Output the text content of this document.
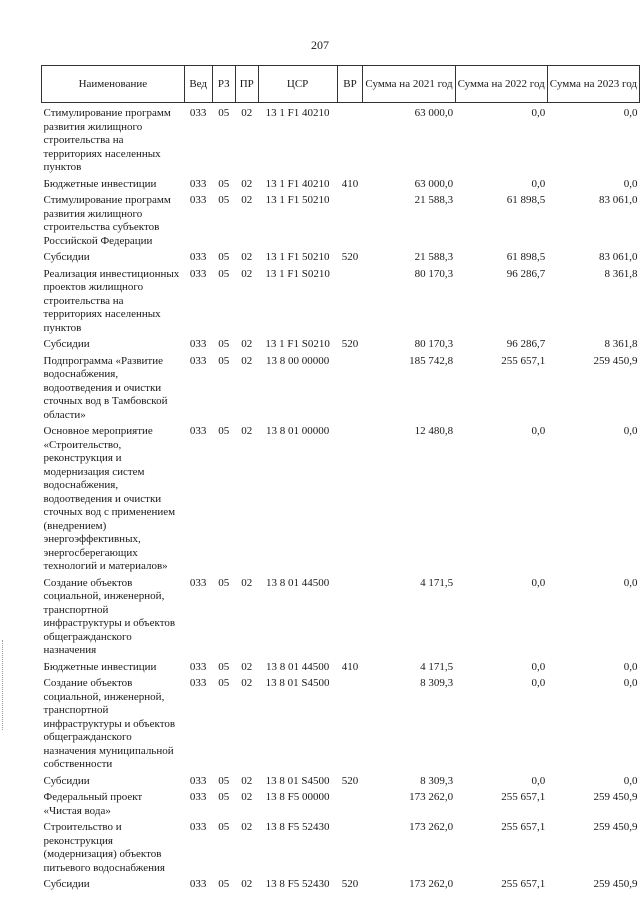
207
Наименование	Вед	РЗ	ПР	ЦСР	ВР	Сумма на 2021 год	Сумма на 2022 год	Сумма на 2023 год
Стимулирование программ развития жилищного строительства на территориях населенных пунктов	033	05	02	13 1 F1 40210		63 000,0	0,0	0,0
Бюджетные инвестиции	033	05	02	13 1 F1 40210	410	63 000,0	0,0	0,0
Стимулирование программ развития жилищного строительства субъектов Российской Федерации	033	05	02	13 1 F1 50210		21 588,3	61 898,5	83 061,0
Субсидии	033	05	02	13 1 F1 50210	520	21 588,3	61 898,5	83 061,0
Реализация инвестиционных проектов жилищного строительства на территориях населенных пунктов	033	05	02	13 1 F1 S0210		80 170,3	96 286,7	8 361,8
Субсидии	033	05	02	13 1 F1 S0210	520	80 170,3	96 286,7	8 361,8
Подпрограмма «Развитие водоснабжения, водоотведения и очистки сточных вод в Тамбовской области»	033	05	02	13 8 00 00000		185 742,8	255 657,1	259 450,9
Основное мероприятие «Строительство, реконструкция и модернизация систем водоснабжения, водоотведения и очистки сточных вод с применением (внедрением) энергоэффективных, энергосберегающих технологий и материалов»	033	05	02	13 8 01 00000		12 480,8	0,0	0,0
Создание объектов социальной, инженерной, транспортной инфраструктуры и объектов общегражданского назначения	033	05	02	13 8 01 44500		4 171,5	0,0	0,0
Бюджетные инвестиции	033	05	02	13 8 01 44500	410	4 171,5	0,0	0,0
Создание объектов социальной, инженерной, транспортной инфраструктуры и объектов общегражданского назначения муниципальной собственности	033	05	02	13 8 01 S4500		8 309,3	0,0	0,0
Субсидии	033	05	02	13 8 01 S4500	520	8 309,3	0,0	0,0
Федеральный проект «Чистая вода»	033	05	02	13 8 F5 00000		173 262,0	255 657,1	259 450,9
Строительство и реконструкция (модернизация) объектов питьевого водоснабжения	033	05	02	13 8 F5 52430		173 262,0	255 657,1	259 450,9
Субсидии	033	05	02	13 8 F5 52430	520	173 262,0	255 657,1	259 450,9
